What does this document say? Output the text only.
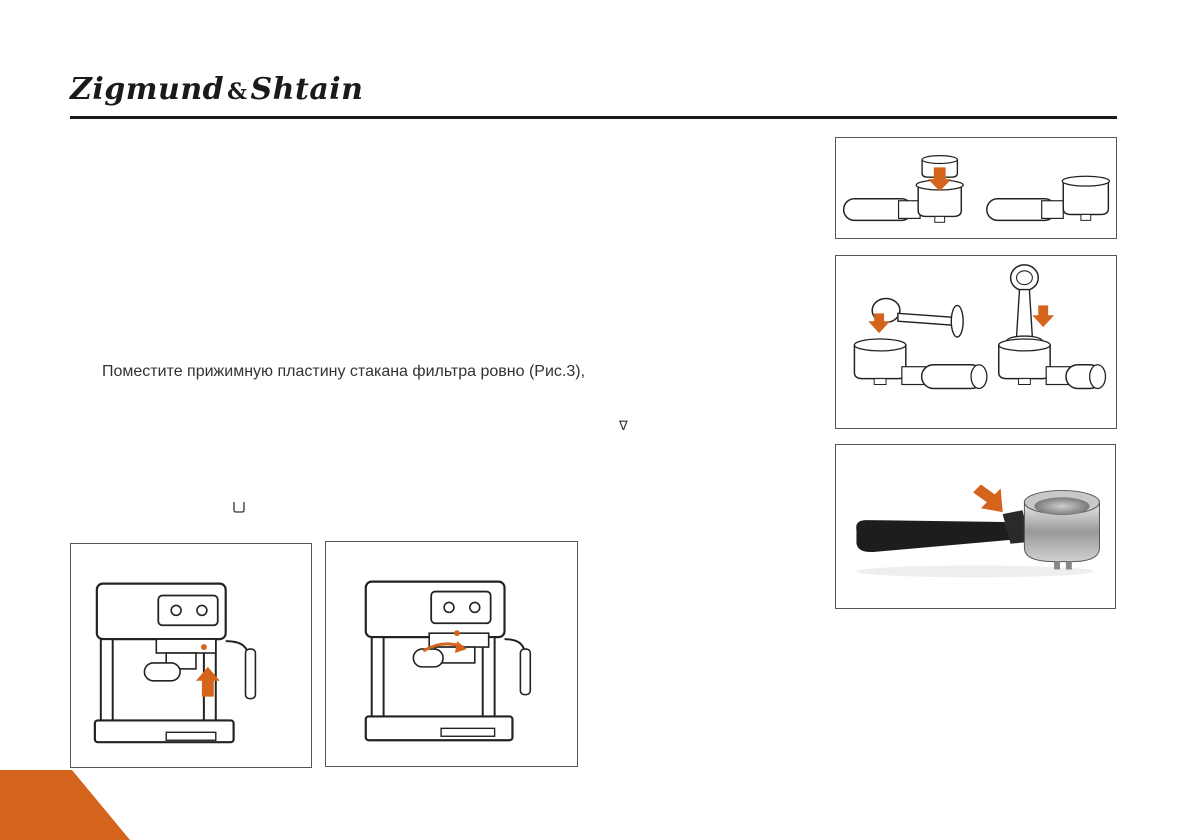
Zigmund & Shtain
Поместите прижимную пластину стакана фильтра ровно (Рис.3),
∇
